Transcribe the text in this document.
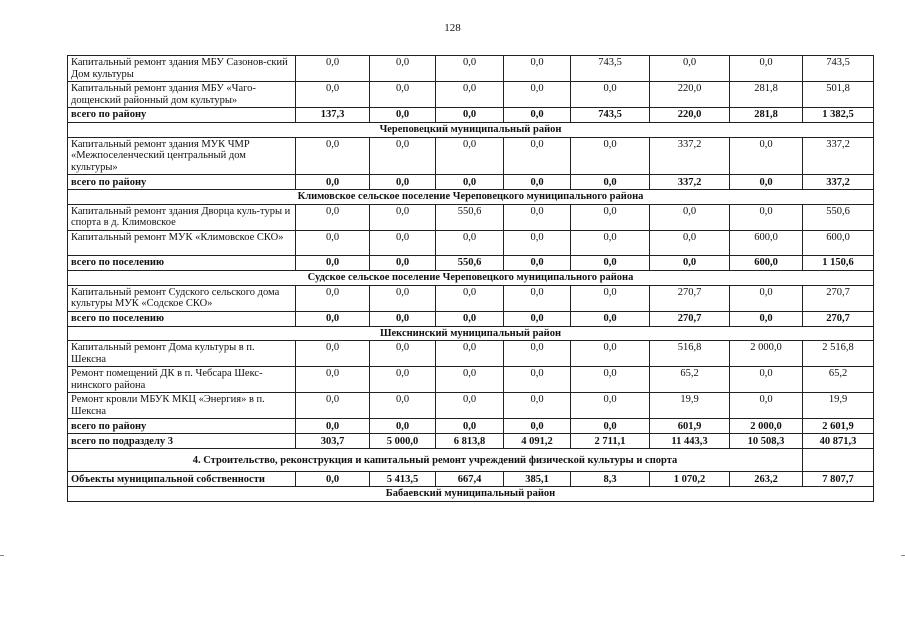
128
Капитальный ремонт здания МБУ Сазонов-ский Дом культуры	0,0	0,0	0,0	0,0	743,5	0,0	0,0	743,5
Капитальный ремонт здания МБУ «Чаго-дощенский районный дом культуры»	0,0	0,0	0,0	0,0	0,0	220,0	281,8	501,8
всего по району	137,3	0,0	0,0	0,0	743,5	220,0	281,8	1 382,5
Череповецкий муниципальный район								
Капитальный ремонт здания МУК ЧМР «Межпоселенческий центральный дом культуры»	0,0	0,0	0,0	0,0	0,0	337,2	0,0	337,2
всего по району	0,0	0,0	0,0	0,0	0,0	337,2	0,0	337,2
Климовское сельское поселение Череповецкого муниципального района								
Капитальный ремонт здания Дворца куль-туры и спорта в д. Климовское	0,0	0,0	550,6	0,0	0,0	0,0	0,0	550,6
Капитальный ремонт МУК «Климовское СКО»	0,0	0,0	0,0	0,0	0,0	0,0	600,0	600,0
всего по поселению	0,0	0,0	550,6	0,0	0,0	0,0	600,0	1 150,6
Судское сельское поселение Череповецкого муниципального района								
Капитальный ремонт Судского сельского дома культуры МУК «Содское СКО»	0,0	0,0	0,0	0,0	0,0	270,7	0,0	270,7
всего по поселению	0,0	0,0	0,0	0,0	0,0	270,7	0,0	270,7
Шекснинский муниципальный район								
Капитальный ремонт Дома культуры в п. Шексна	0,0	0,0	0,0	0,0	0,0	516,8	2 000,0	2 516,8
Ремонт помещений ДК в п. Чебсара Шекс-нинского района	0,0	0,0	0,0	0,0	0,0	65,2	0,0	65,2
Ремонт кровли МБУК МКЦ «Энергия» в п. Шексна	0,0	0,0	0,0	0,0	0,0	19,9	0,0	19,9
всего по району	0,0	0,0	0,0	0,0	0,0	601,9	2 000,0	2 601,9
всего по подразделу 3	303,7	5 000,0	6 813,8	4 091,2	2 711,1	11 443,3	10 508,3	40 871,3
4. Строительство, реконструкция и капитальный ремонт учреждений физической культуры и спорта								
Объекты муниципальной собственности	0,0	5 413,5	667,4	385,1	8,3	1 070,2	263,2	7 807,7
Бабаевский муниципальный район								
